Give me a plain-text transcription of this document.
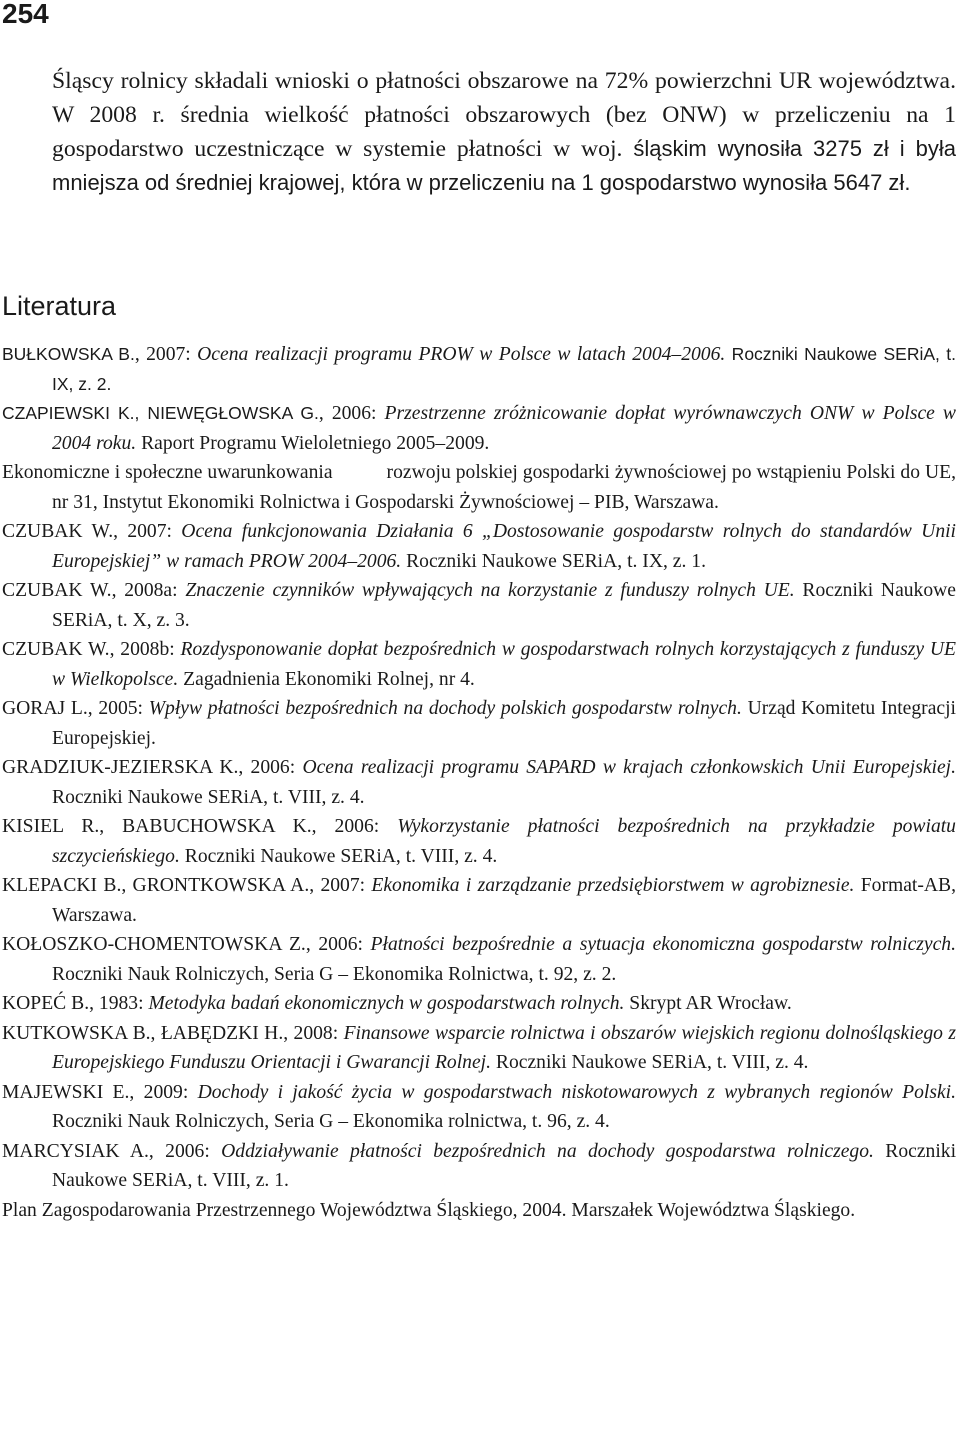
254

Śląscy rolnicy składali wnioski o płatności obszarowe na 72% powierzchni UR województwa. W 2008 r. średnia wielkość płatności obszarowych (bez ONW) w przeliczeniu na 1 gospodarstwo uczestniczące w systemie płatności w woj. śląskim wynosiła 3275 zł i była mniejsza od średniej krajowej, która w przeliczeniu na 1 gospodarstwo wynosiła 5647 zł.

Literatura
BUŁKOWSKA B., 2007: Ocena realizacji programu PROW w Polsce w latach 2004–2006. Roczniki Naukowe SERiA, t. IX, z. 2.
CZAPIEWSKI K., NIEWĘGŁOWSKA G., 2006: Przestrzenne zróżnicowanie dopłat wyrównawczych ONW w Polsce w 2004 roku. Raport Programu Wieloletniego 2005–2009.
Ekonomiczne i społeczne uwarunkowania	rozwoju polskiej gospodarki żywnościowej po wstąpieniu Polski do UE, nr 31, Instytut Ekonomiki Rolnictwa i Gospodarski Żywnościowej – PIB, Warszawa.
CZUBAK W., 2007: Ocena funkcjonowania Działania 6 „Dostosowanie gospodarstw rolnych do standardów Unii Europejskiej” w ramach PROW 2004–2006. Roczniki Naukowe SERiA, t. IX, z. 1.
CZUBAK W., 2008a: Znaczenie czynników wpływających na korzystanie z funduszy rolnych UE. Roczniki Naukowe SERiA, t. X, z. 3.
CZUBAK W., 2008b: Rozdysponowanie dopłat bezpośrednich w gospodarstwach rolnych korzystających z funduszy UE w Wielkopolsce. Zagadnienia Ekonomiki Rolnej, nr 4.
GORAJ L., 2005: Wpływ płatności bezpośrednich na dochody polskich gospodarstw rolnych. Urząd Komitetu Integracji Europejskiej.
GRADZIUK-JEZIERSKA K., 2006: Ocena realizacji programu SAPARD w krajach członkowskich Unii Europejskiej. Roczniki Naukowe SERiA, t. VIII, z. 4.
KISIEL R., BABUCHOWSKA K., 2006: Wykorzystanie płatności bezpośrednich na przykładzie powiatu szczycieńskiego. Roczniki Naukowe SERiA, t. VIII, z. 4.
KLEPACKI B., GRONTKOWSKA A., 2007: Ekonomika i zarządzanie przedsiębiorstwem w agrobiznesie. Format-AB, Warszawa.
KOŁOSZKO-CHOMENTOWSKA Z., 2006: Płatności bezpośrednie a sytuacja ekonomiczna gospodarstw rolniczych. Roczniki Nauk Rolniczych, Seria G – Ekonomika Rolnictwa, t. 92, z. 2.
KOPEĆ B., 1983: Metodyka badań ekonomicznych w gospodarstwach rolnych. Skrypt AR Wrocław.
KUTKOWSKA B., ŁABĘDZKI H., 2008: Finansowe wsparcie rolnictwa i obszarów wiejskich regionu dolnośląskiego z Europejskiego Funduszu Orientacji i Gwarancji Rolnej. Roczniki Naukowe SERiA, t. VIII, z. 4.
MAJEWSKI E., 2009: Dochody i jakość życia w gospodarstwach niskotowarowych z wybranych regionów Polski. Roczniki Nauk Rolniczych, Seria G – Ekonomika rolnictwa, t. 96, z. 4.
MARCYSIAK A., 2006: Oddziaływanie płatności bezpośrednich na dochody gospodarstwa rolniczego. Roczniki Naukowe SERiA, t. VIII, z. 1.
Plan Zagospodarowania Przestrzennego Województwa Śląskiego, 2004. Marszałek Województwa Śląskiego.
